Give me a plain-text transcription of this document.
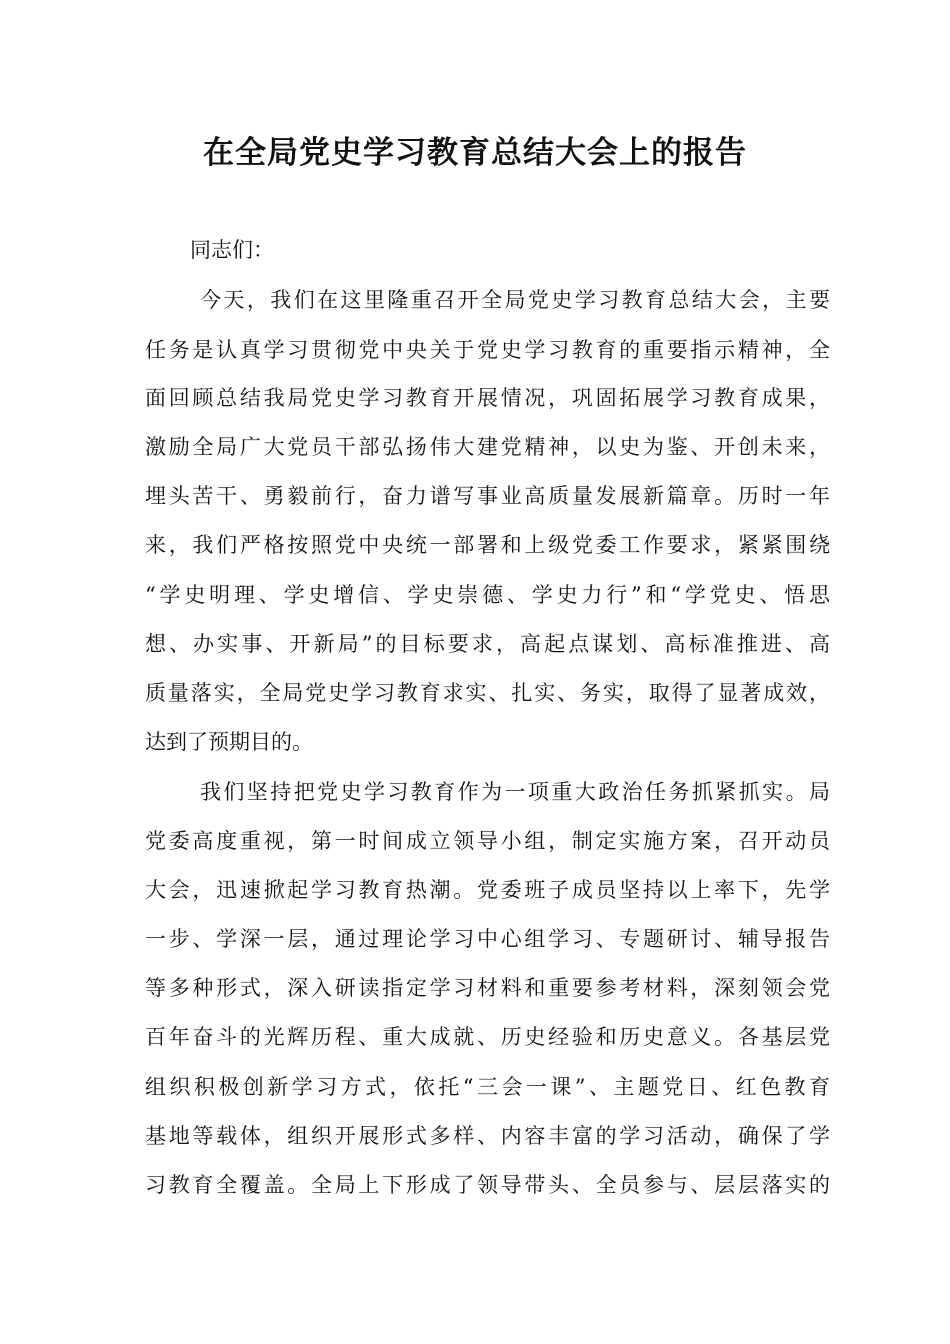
在全局党史学习教育总结大会上的报告
同志们：
今天，我们在这里隆重召开全局党史学习教育总结大会，主要
任务是认真学习贯彻党中央关于党史学习教育的重要指示精神，全
面回顾总结我局党史学习教育开展情况，巩固拓展学习教育成果，
激励全局广大党员干部弘扬伟大建党精神，以史为鉴、开创未来，
埋头苦干、勇毅前行，奋力谱写事业高质量发展新篇章。历时一年
来，我们严格按照党中央统一部署和上级党委工作要求，紧紧围绕
“学史明理、学史增信、学史崇德、学史力行”和“学党史、悟思
想、办实事、开新局”的目标要求，高起点谋划、高标准推进、高
质量落实，全局党史学习教育求实、扎实、务实，取得了显著成效，
达到了预期目的。
我们坚持把党史学习教育作为一项重大政治任务抓紧抓实。局
党委高度重视，第一时间成立领导小组，制定实施方案，召开动员
大会，迅速掀起学习教育热潮。党委班子成员坚持以上率下，先学
一步、学深一层，通过理论学习中心组学习、专题研讨、辅导报告
等多种形式，深入研读指定学习材料和重要参考材料，深刻领会党
百年奋斗的光辉历程、重大成就、历史经验和历史意义。各基层党
组织积极创新学习方式，依托“三会一课”、主题党日、红色教育
基地等载体，组织开展形式多样、内容丰富的学习活动，确保了学
习教育全覆盖。全局上下形成了领导带头、全员参与、层层落实的
